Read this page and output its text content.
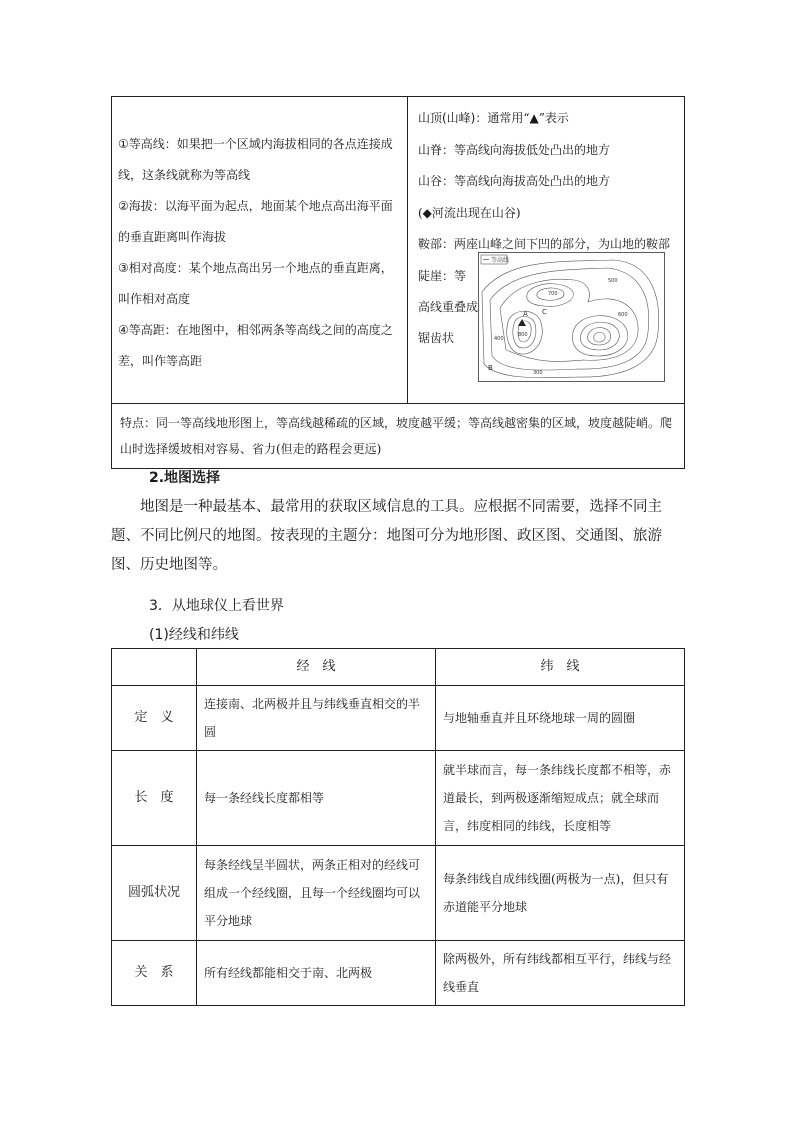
①等高线：如果把一个区域内海拔相同的各点连接成线，这条线就称为等高线
②海拔：以海平面为起点，地面某个地点高出海平面的垂直距离叫作海拔
③相对高度：某个地点高出另一个地点的垂直距离，叫作相对高度
④等高距：在地图中，相邻两条等高线之间的高度之差，叫作等高距

山顶(山峰)：通常用“▲”表示
山脊：等高线向海拔低处凸出的地方
山谷：等高线向海拔高处凸出的地方
(◆河流出现在山谷)
鞍部：两座山峰之间下凹的部分，为山地的鞍部
陡崖：等高线重叠成锯齿状

特点：同一等高线地形图上，等高线越稀疏的区域，坡度越平缓；等高线越密集的区域，坡度越陡峭。爬山时选择缓坡相对容易、省力(但走的路程会更远)
等高线
700
800
500
600
400
300
A
B
C
2.地图选择
地图是一种最基本、最常用的获取区域信息的工具。应根据不同需要，选择不同主题、不同比例尺的地图。按表现的主题分：地图可分为地形图、政区图、交通图、旅游图、历史地图等。
3．从地球仪上看世界
(1)经线和纬线
	经　线	纬　线
定　义	连接南、北两极并且与纬线垂直相交的半圆	与地轴垂直并且环绕地球一周的圆圈
长　度	每一条经线长度都相等	就半球而言，每一条纬线长度都不相等，赤道最长，到两极逐渐缩短成点；就全球而言，纬度相同的纬线，长度相等
圆弧状况	每条经线呈半圆状，两条正相对的经线可组成一个经线圈，且每一个经线圈均可以平分地球	每条纬线自成纬线圈(两极为一点)，但只有赤道能平分地球
关　系	所有经线都能相交于南、北两极	除两极外，所有纬线都相互平行，纬线与经线垂直
